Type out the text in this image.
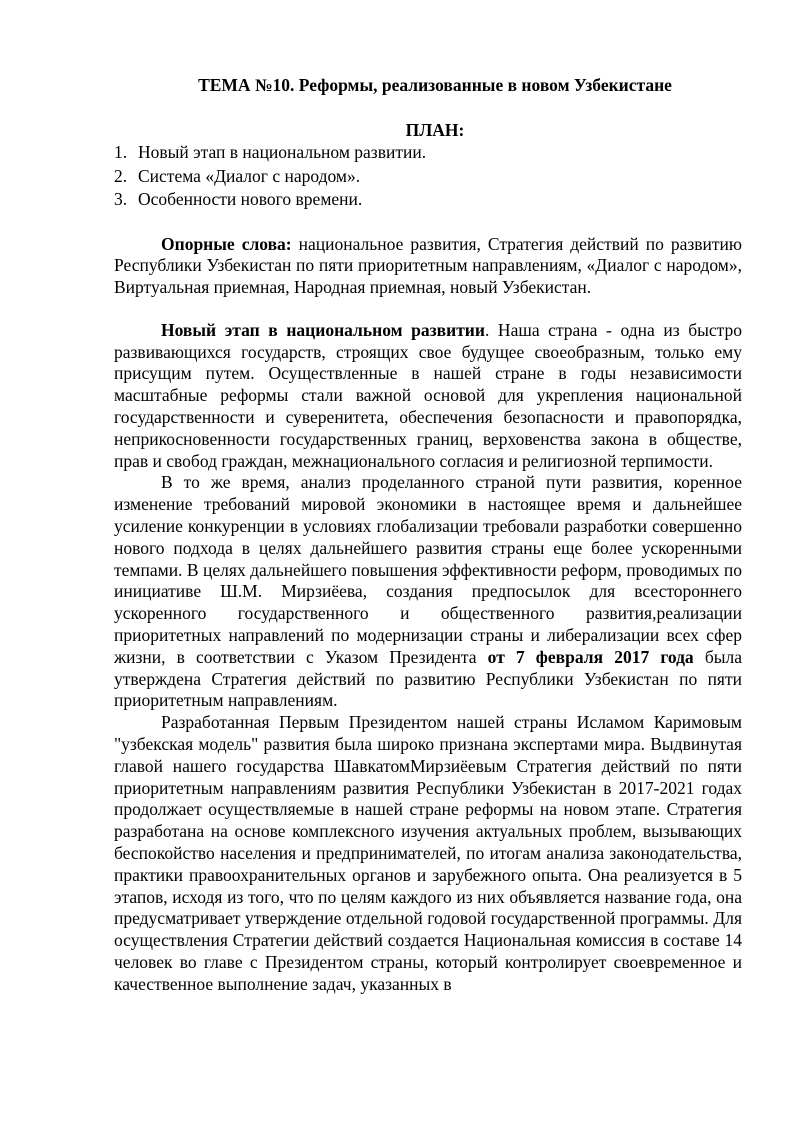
ТЕМА №10. Реформы, реализованные в новом Узбекистане
ПЛАН:
1. Новый этап в национальном развитии.
2. Система «Диалог с народом».
3. Особенности нового времени.

Опорные слова: национальное развития, Стратегия действий по развитию Республики Узбекистан по пяти приоритетным направлениям, «Диалог с народом», Виртуальная приемная, Народная приемная, новый Узбекистан.

Новый этап в национальном развитии. Наша страна - одна из быстро развивающихся государств, строящих свое будущее своеобразным, только ему присущим путем. Осуществленные в нашей стране в годы независимости масштабные реформы стали важной основой для укрепления национальной государственности и суверенитета, обеспечения безопасности и правопорядка, неприкосновенности государственных границ, верховенства закона в обществе, прав и свобод граждан, межнационального согласия и религиозной терпимости.

В то же время, анализ проделанного страной пути развития, коренное изменение требований мировой экономики в настоящее время и дальнейшее усиление конкуренции в условиях глобализации требовали разработки совершенно нового подхода в целях дальнейшего развития страны еще более ускоренными темпами. В целях дальнейшего повышения эффективности реформ, проводимых по инициативе Ш.М. Мирзиёева, создания предпосылок для всестороннего ускоренного государственного и общественного развития,реализации приоритетных направлений по модернизации страны и либерализации всех сфер жизни, в соответствии с Указом Президента от 7 февраля 2017 года была утверждена Стратегия действий по развитию Республики Узбекистан по пяти приоритетным направлениям.

Разработанная Первым Президентом нашей страны Исламом Каримовым "узбекская модель" развития была широко признана экспертами мира. Выдвинутая главой нашего государства ШавкатомМирзиёевым Стратегия действий по пяти приоритетным направлениям развития Республики Узбекистан в 2017-2021 годах продолжает осуществляемые в нашей стране реформы на новом этапе. Стратегия разработана на основе комплексного изучения актуальных проблем, вызывающих беспокойство населения и предпринимателей, по итогам анализа законодательства, практики правоохранительных органов и зарубежного опыта. Она реализуется в 5 этапов, исходя из того, что по целям каждого из них объявляется название года, она предусматривает утверждение отдельной годовой государственной программы. Для осуществления Стратегии действий создается Национальная комиссия в составе 14 человек во главе с Президентом страны, который контролирует своевременное и качественное выполнение задач, указанных в
